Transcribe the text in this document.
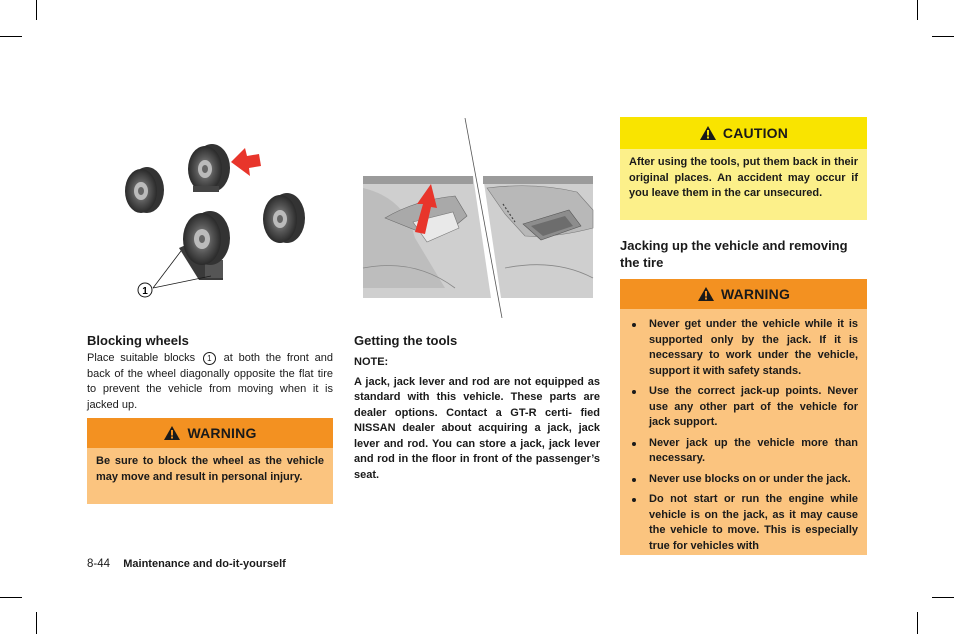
1
Blocking wheels
Place suitable blocks 1 at both the front and back of the wheel diagonally opposite the flat tire to prevent the vehicle from moving when it is jacked up.
WARNING
Be sure to block the wheel as the vehicle may move and result in personal injury.
Getting the tools
NOTE:
A jack, jack lever and rod are not equipped as standard with this vehicle. These parts are dealer options. Contact a GT-R certi- fied NISSAN dealer about acquiring a jack, jack lever and rod. You can store a jack, jack lever and rod in the floor in front of the passenger’s seat.
CAUTION
After using the tools, put them back in their original places. An accident may occur if you leave them in the car unsecured.
Jacking up the vehicle and removing the tire
WARNING
Never get under the vehicle while it is supported only by the jack. If it is necessary to work under the vehicle, support it with safety stands.
Use the correct jack-up points. Never use any other part of the vehicle for jack support.
Never jack up the vehicle more than necessary.
Never use blocks on or under the jack.
Do not start or run the engine while vehicle is on the jack, as it may cause the vehicle to move. This is especially true for vehicles with
8-44 Maintenance and do-it-yourself
